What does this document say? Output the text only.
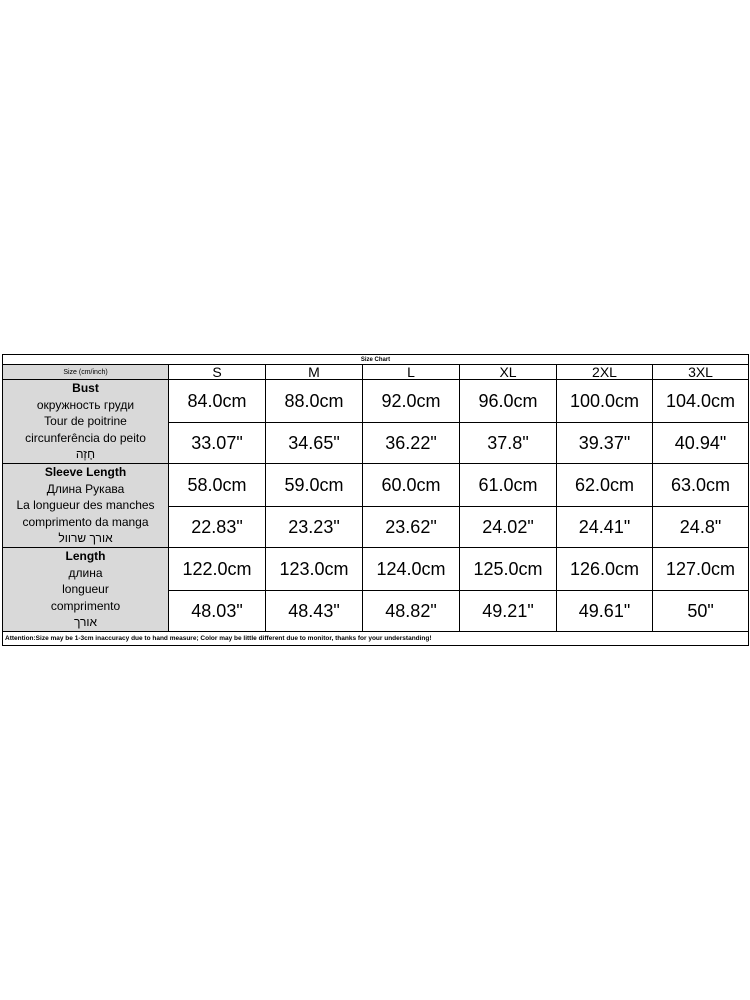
Size Chart						
Size (cm/inch)	S	M	L	XL	2XL	3XL

Bust
окружность груди
Tour de poitrine
circunferência do peito
חָזֶה	84.0cm	88.0cm	92.0cm	96.0cm	100.0cm	104.0cm
	33.07"	34.65"	36.22"	37.8"	39.37"	40.94"

Sleeve Length
Длина Рукава
La longueur des manches
comprimento da manga
אורך שרוול	58.0cm	59.0cm	60.0cm	61.0cm	62.0cm	63.0cm
	22.83"	23.23"	23.62"	24.02"	24.41"	24.8"

Length
длина
longueur
comprimento
אורך	122.0cm	123.0cm	124.0cm	125.0cm	126.0cm	127.0cm
	48.03"	48.43"	48.82"	49.21"	49.61"	50"
Attention:Size may be 1-3cm inaccuracy due to hand measure; Color may be little different due to monitor, thanks for your understanding!						
